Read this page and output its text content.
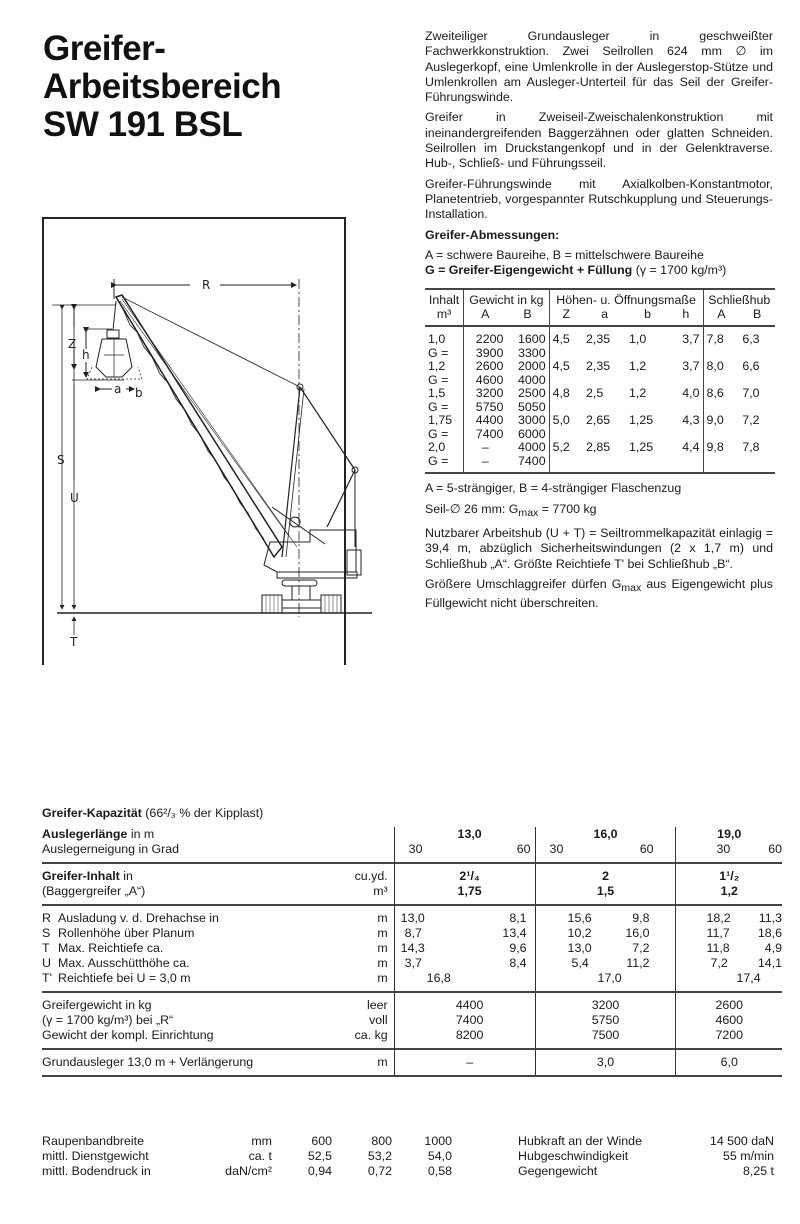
Greifer-
Arbeitsbereich
SW 191 BSL

Zweiteiliger Grundausleger in geschweißter Fachwerkkonstruktion. Zwei Seilrollen 624 mm ∅ im Auslegerkopf, eine Umlenkrolle in der Auslegerstop-Stütze und Umlenkrollen am Ausleger-Unterteil für das Seil der Greifer-Führungswinde.

Greifer in Zweiseil-Zweischalenkonstruktion mit ineinandergreifenden Baggerzähnen oder glatten Schneiden. Seilrollen im Druckstangenkopf und in der Gelenktraverse. Hub-, Schließ- und Führungsseil.

Greifer-Führungswinde mit Axialkolben-Konstantmotor, Planetentrieb, vorgespannter Rutschkupplung und Steuerungs-Installation.

Greifer-Abmessungen:

A = schwere Baureihe, B = mittelschwere Baureihe
G = Greifer-Eigengewicht + Füllung (γ = 1700 kg/m³)
Inhalt	Gewicht in kg		Höhen- u. Öffnungsmaße				Schließhub	
m³	A	B	Z	a	b	h	A	B
1,0	2200	1600	4,5	2,35	1,0	3,7	7,8	6,3
G =	3900	3300						
1,2	2600	2000	4,5	2,35	1,2	3,7	8,0	6,6
G =	4600	4000						
1,5	3200	2500	4,8	2,5	1,2	4,0	8,6	7,0
G =	5750	5050						
1,75	4400	3000	5,0	2,65	1,25	4,3	9,0	7,2
G =	7400	6000						
2,0	–	4000	5,2	2,85	1,25	4,4	9,8	7,8
G =	–	7400						

A = 5-strängiger, B = 4-strängiger Flaschenzug

Seil-∅ 26 mm: $G_{max} = 7700$ kg

Nutzbarer Arbeitshub (U + T) = Seiltrommelkapazität einlagig = 39,4 m, abzüglich Sicherheitswindungen (2 x 1,7 m) und Schließhub „A“. Größte Reichtiefe T' bei Schließhub „B“.

Größere Umschlaggreifer dürfen $G_{max}$ aus Eigengewicht plus Füllgewicht nicht überschreiten.

R
Z
h
a b
S
U
T
Greifer-Kapazität (66²/₃ % der Kipplast)
Auslegerlänge in m		13,0	16,0	19,0
Auslegerneigung in Grad		30 60	30 60	30 60

Greifer-Inhalt in	cu.yd.	2¹/₄	2	1¹/₂
(Baggergreifer „A“)	m³	1,75	1,5	1,2
R Ausladung v. d. Drehachse in	m	13,0 8,1	15,6 9,8	18,2 11,3

S Rollenhöhe über Planum	m	8,7 13,4	10,2 16,0	11,7 18,6

T Max. Reichtiefe ca.	m	14,3 9,6	13,0 7,2	11,8 4,9

U Max. Ausschütthöhe ca.	m	3,7 8,4	5,4 11,2	7,2 14,1

T' Reichtiefe bei U = 3,0 m	m	16,8	17,0	17,4
Greifergewicht in kg	leer	4400	3200	2600
(γ = 1700 kg/m³) bei „R“	voll	7400	5750	4600
Gewicht der kompl. Einrichtung	ca. kg	8200	7500	7200
Grundausleger 13,0 m + Verlängerung	m	–	3,0	6,0

Raupenbandbreite	mm	600	800	1000
mittl. Dienstgewicht	ca. t	52,5	53,2	54,0
mittl. Bodendruck in	daN/cm²	0,94	0,72	0,58
Hubkraft an der Winde	14 500 daN
Hubgeschwindigkeit	55 m/min
Gegengewicht	8,25 t
